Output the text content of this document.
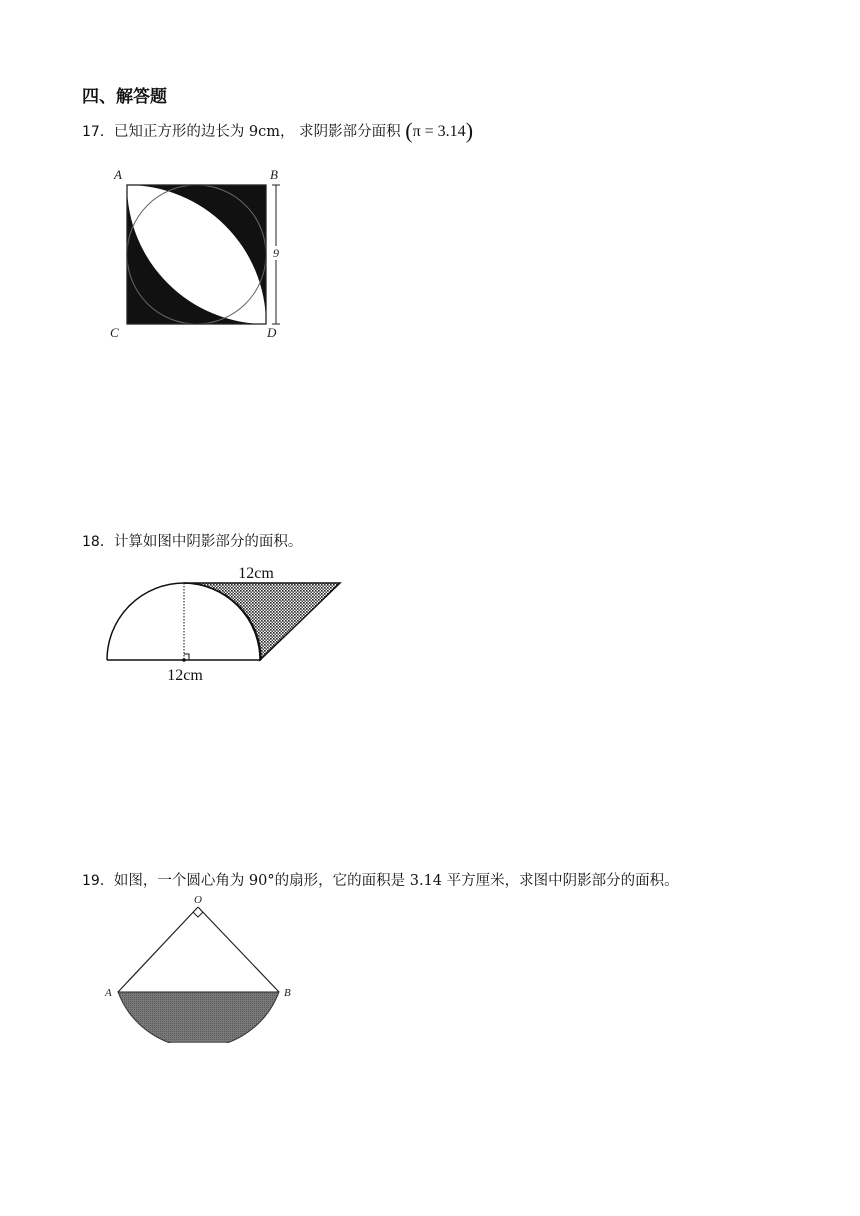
四、解答题
17．已知正方形的边长为 9cm， 求阴影部分面积 (π = 3.14)
9
A	B
C	D
18．计算如图中阴影部分的面积。
12cm
12cm
19．如图，一个圆心角为 90°的扇形，它的面积是 3.14 平方厘米，求图中阴影部分的面积。
O
A	B
